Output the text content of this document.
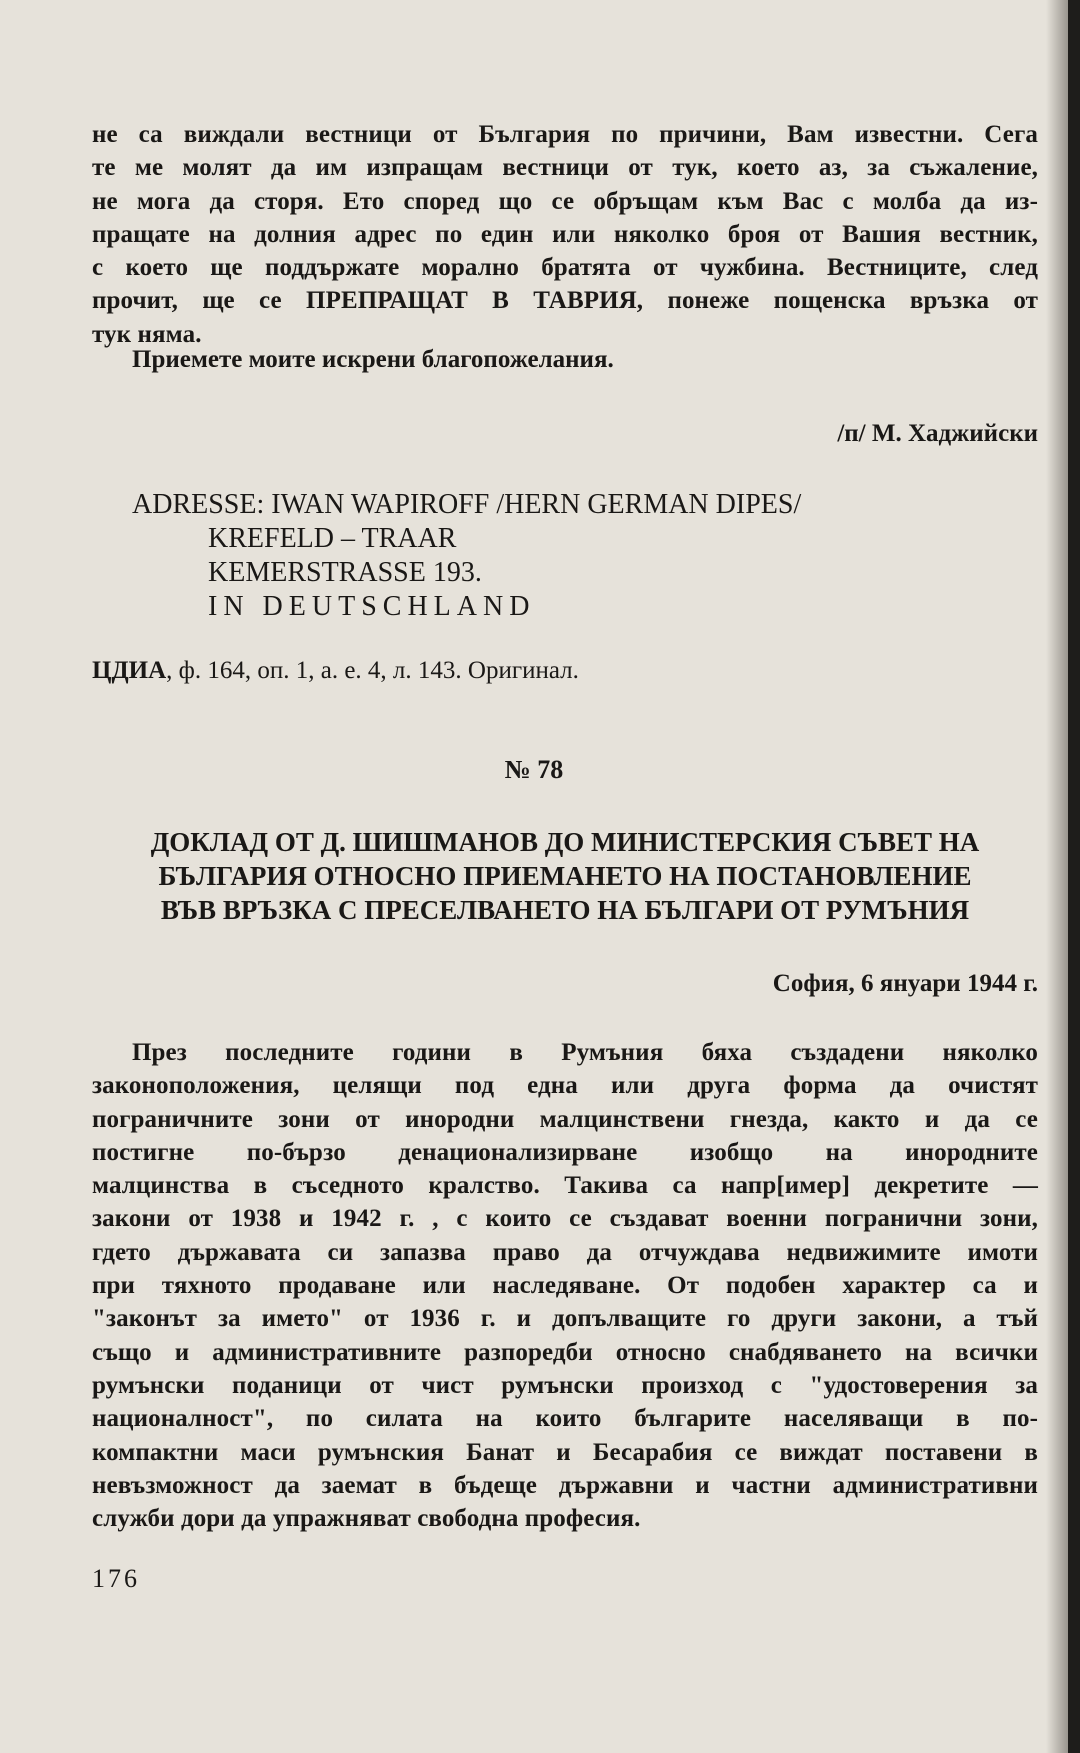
не са виждали вестници от България по причини, Вам известни. Сега
те ме молят да им изпращам вестници от тук, което аз, за съжаление,
не мога да сторя. Ето според що се обръщам към Вас с молба да из-
пращате на долния адрес по един или няколко броя от Вашия вестник,
с което ще поддържате морално братята от чужбина. Вестниците, след
прочит, ще се ПРЕПРАЩАТ В ТАВРИЯ, понеже пощенска връзка от
тук няма.
Приемете моите искрени благопожелания.
/п/ М. Хаджийски
ADRESSE: IWAN WAPIROFF /HERN GERMAN DIPES/
KREFELD – TRAAR
KEMERSTRASSE 193.
IN DEUTSCHLAND
ЦДИА, ф. 164, оп. 1, а. е. 4, л. 143. Оригинал.
№ 78
ДОКЛАД ОТ Д. ШИШМАНОВ ДО МИНИСТЕРСКИЯ СЪВЕТ НА
БЪЛГАРИЯ ОТНОСНО ПРИЕМАНЕТО НА ПОСТАНОВЛЕНИЕ
ВЪВ ВРЪЗКА С ПРЕСЕЛВАНЕТО НА БЪЛГАРИ ОТ РУМЪНИЯ
София, 6 януари 1944 г.
През последните години в Румъния бяха създадени няколко
законоположения, целящи под една или друга форма да очистят
пограничните зони от инородни малцинствени гнезда, както и да се
постигне по-бързо денационализирване изобщо на инородните
малцинства в съседното кралство. Такива са напр[имер] декретите —
закони от 1938 и 1942 г. , с които се създават военни погранични зони,
гдето държавата си запазва право да отчуждава недвижимите имоти
при тяхното продаване или наследяване. От подобен характер са и
"законът за името" от 1936 г. и допълващите го други закони, а тъй
също и административните разпоредби относно снабдяването на всички
румънски поданици от чист румънски произход с "удостоверения за
националност", по силата на които българите населяващи в по-
компактни маси румънския Банат и Бесарабия се виждат поставени в
невъзможност да заемат в бъдеще държавни и частни административни
служби дори да упражняват свободна професия.
176
